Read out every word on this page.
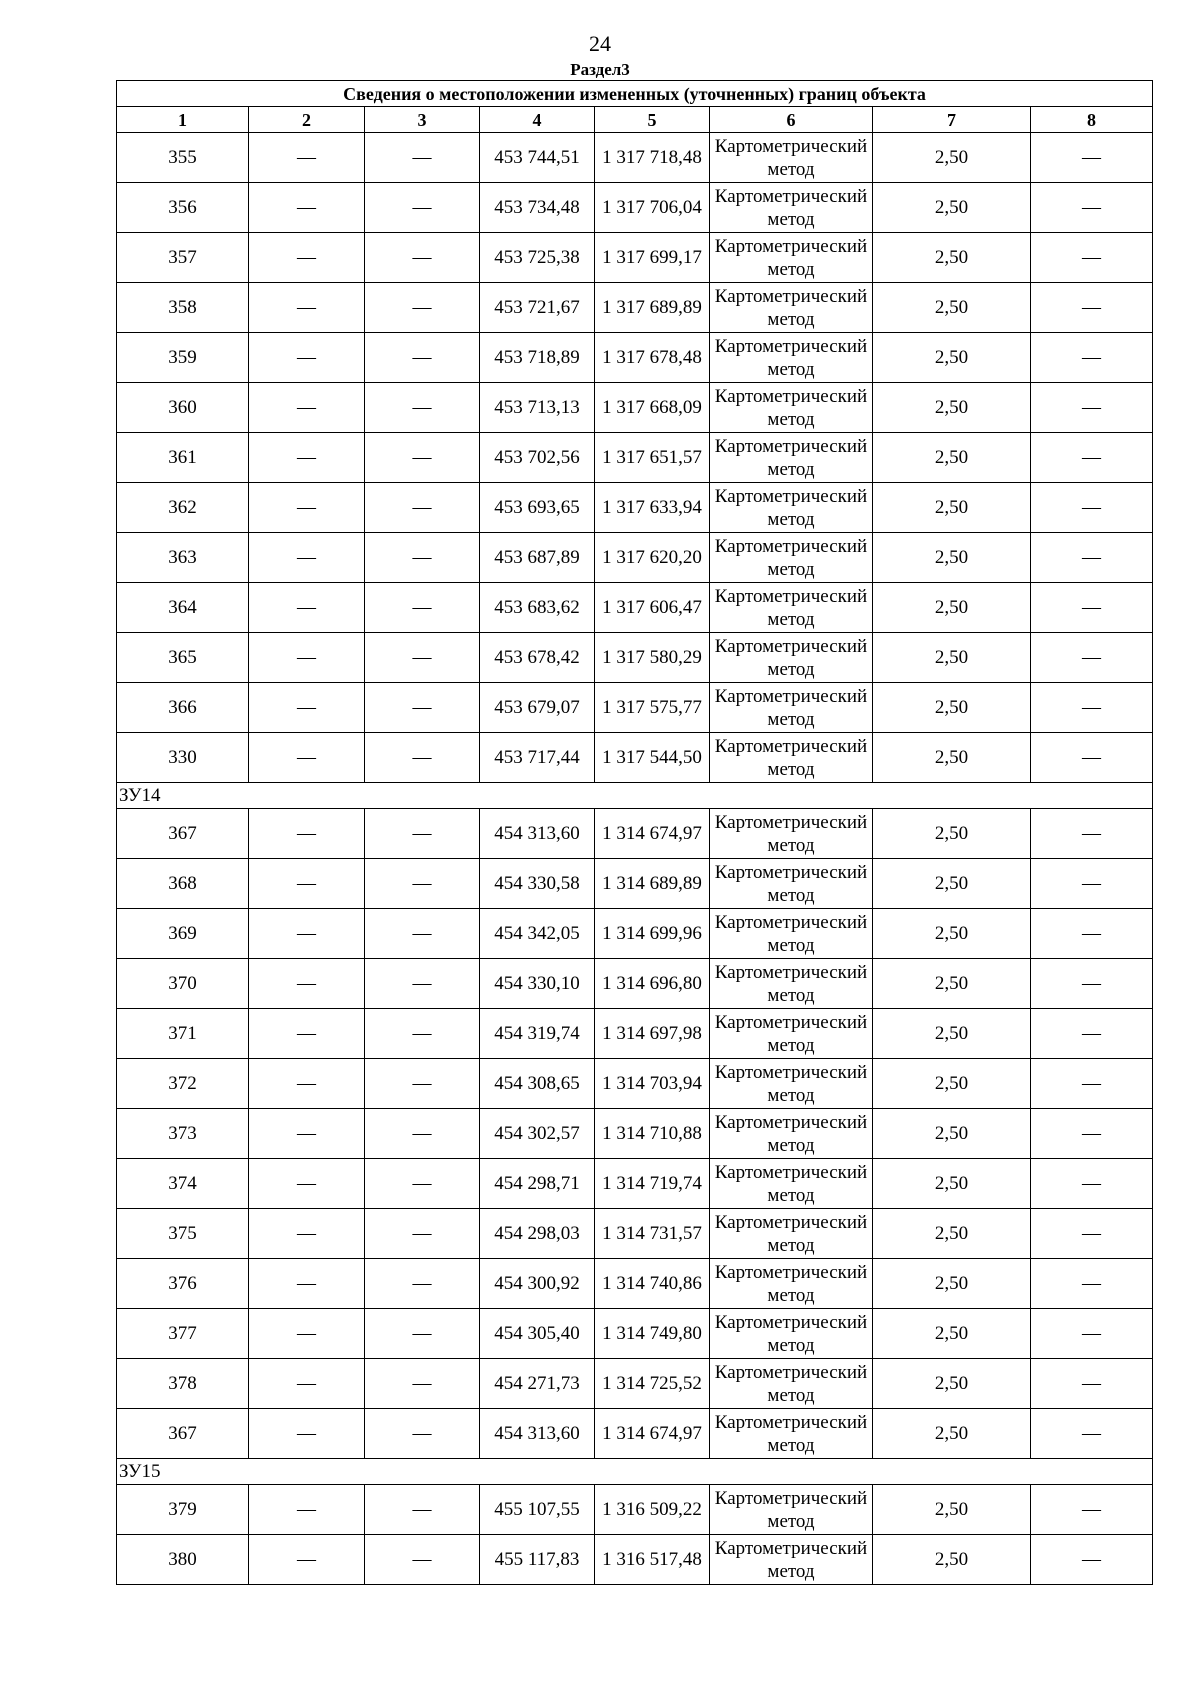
24
Раздел3
Сведения о местоположении измененных (уточненных) границ объекта							
1	2	3	4	5	6	7	8
355	—	—	453 744,51	1 317 718,48	Картометрический метод	2,50	—
356	—	—	453 734,48	1 317 706,04	Картометрический метод	2,50	—
357	—	—	453 725,38	1 317 699,17	Картометрический метод	2,50	—
358	—	—	453 721,67	1 317 689,89	Картометрический метод	2,50	—
359	—	—	453 718,89	1 317 678,48	Картометрический метод	2,50	—
360	—	—	453 713,13	1 317 668,09	Картометрический метод	2,50	—
361	—	—	453 702,56	1 317 651,57	Картометрический метод	2,50	—
362	—	—	453 693,65	1 317 633,94	Картометрический метод	2,50	—
363	—	—	453 687,89	1 317 620,20	Картометрический метод	2,50	—
364	—	—	453 683,62	1 317 606,47	Картометрический метод	2,50	—
365	—	—	453 678,42	1 317 580,29	Картометрический метод	2,50	—
366	—	—	453 679,07	1 317 575,77	Картометрический метод	2,50	—
330	—	—	453 717,44	1 317 544,50	Картометрический метод	2,50	—
ЗУ14							
367	—	—	454 313,60	1 314 674,97	Картометрический метод	2,50	—
368	—	—	454 330,58	1 314 689,89	Картометрический метод	2,50	—
369	—	—	454 342,05	1 314 699,96	Картометрический метод	2,50	—
370	—	—	454 330,10	1 314 696,80	Картометрический метод	2,50	—
371	—	—	454 319,74	1 314 697,98	Картометрический метод	2,50	—
372	—	—	454 308,65	1 314 703,94	Картометрический метод	2,50	—
373	—	—	454 302,57	1 314 710,88	Картометрический метод	2,50	—
374	—	—	454 298,71	1 314 719,74	Картометрический метод	2,50	—
375	—	—	454 298,03	1 314 731,57	Картометрический метод	2,50	—
376	—	—	454 300,92	1 314 740,86	Картометрический метод	2,50	—
377	—	—	454 305,40	1 314 749,80	Картометрический метод	2,50	—
378	—	—	454 271,73	1 314 725,52	Картометрический метод	2,50	—
367	—	—	454 313,60	1 314 674,97	Картометрический метод	2,50	—
ЗУ15							
379	—	—	455 107,55	1 316 509,22	Картометрический метод	2,50	—
380	—	—	455 117,83	1 316 517,48	Картометрический метод	2,50	—
